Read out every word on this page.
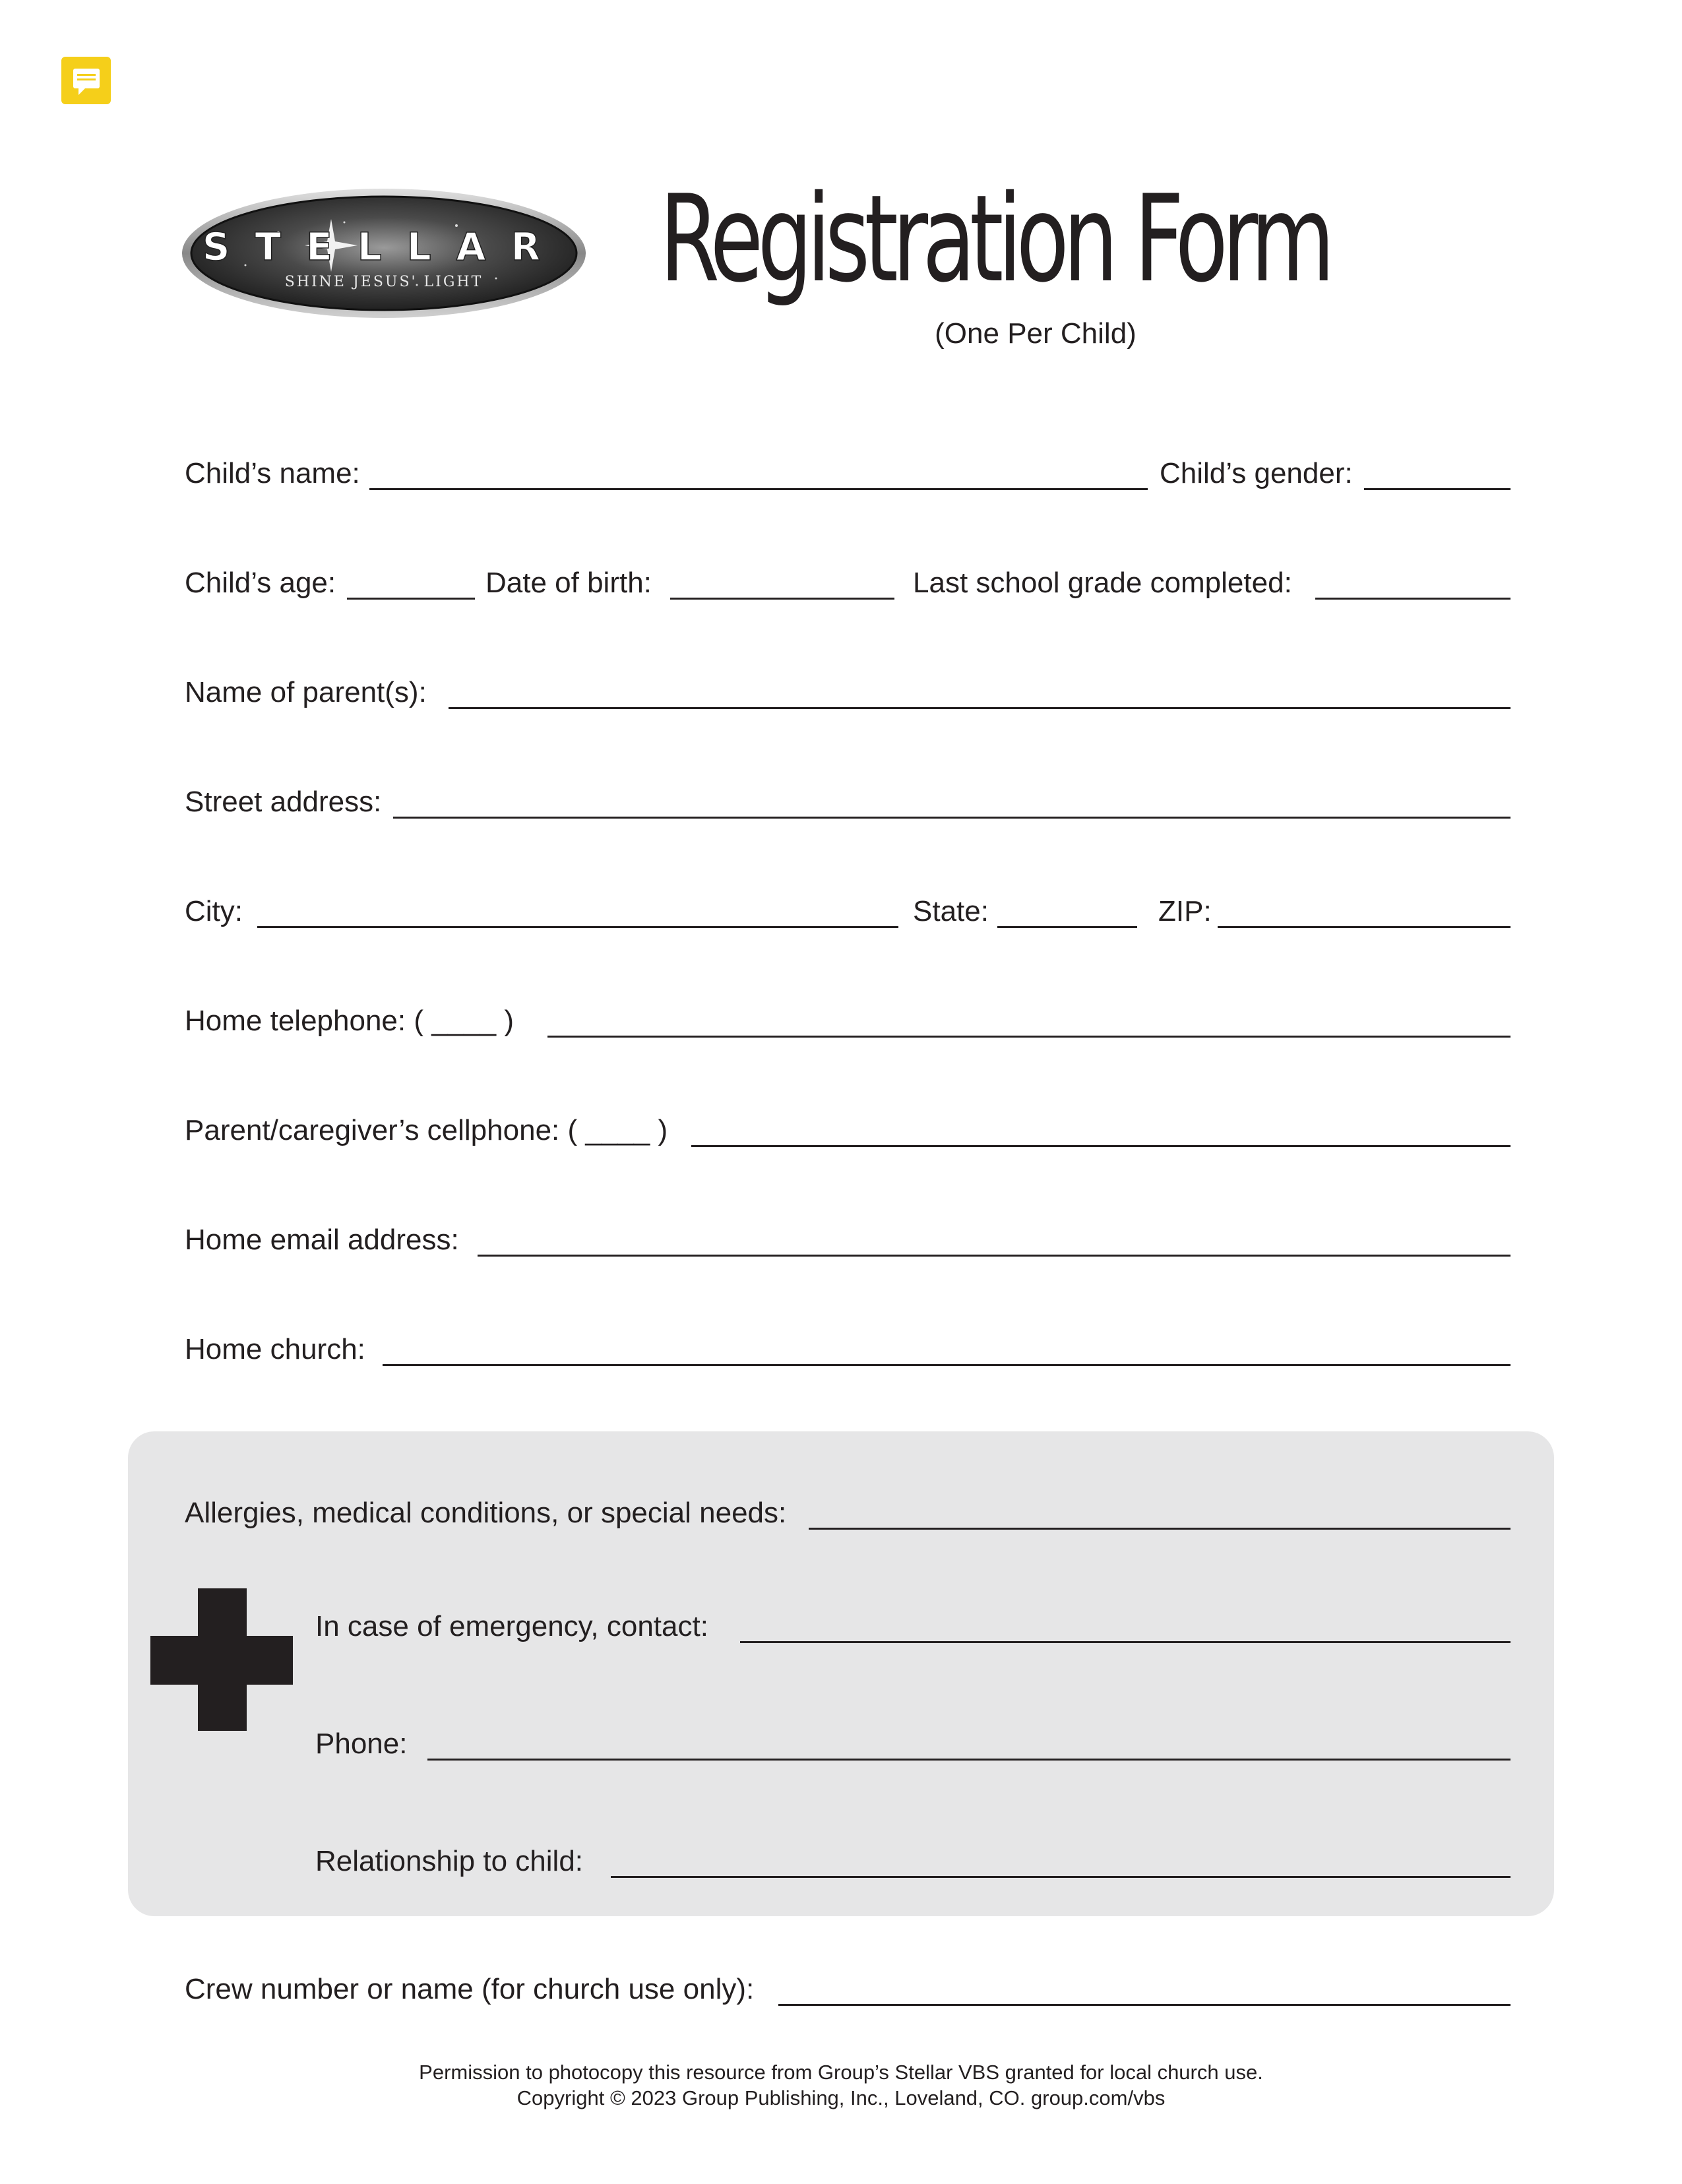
STELLAR
SHINE JESUS' LIGHT Registration Form
(One Per Child)
Child’s name:	Child’s gender:
Child’s age:	Date of birth:	Last school grade completed:
Name of parent(s):
Street address:
City:	State:	ZIP:
Home telephone: ( ____ )
Parent/caregiver’s cellphone: ( ____ )
Home email address:
Home church:
Allergies, medical conditions, or special needs:
In case of emergency, contact:
Phone:
Relationship to child:
Crew number or name (for church use only):
Permission to photocopy this resource from Group’s Stellar VBS granted for local church use.
Copyright © 2023 Group Publishing, Inc., Loveland, CO. group.com/vbs
